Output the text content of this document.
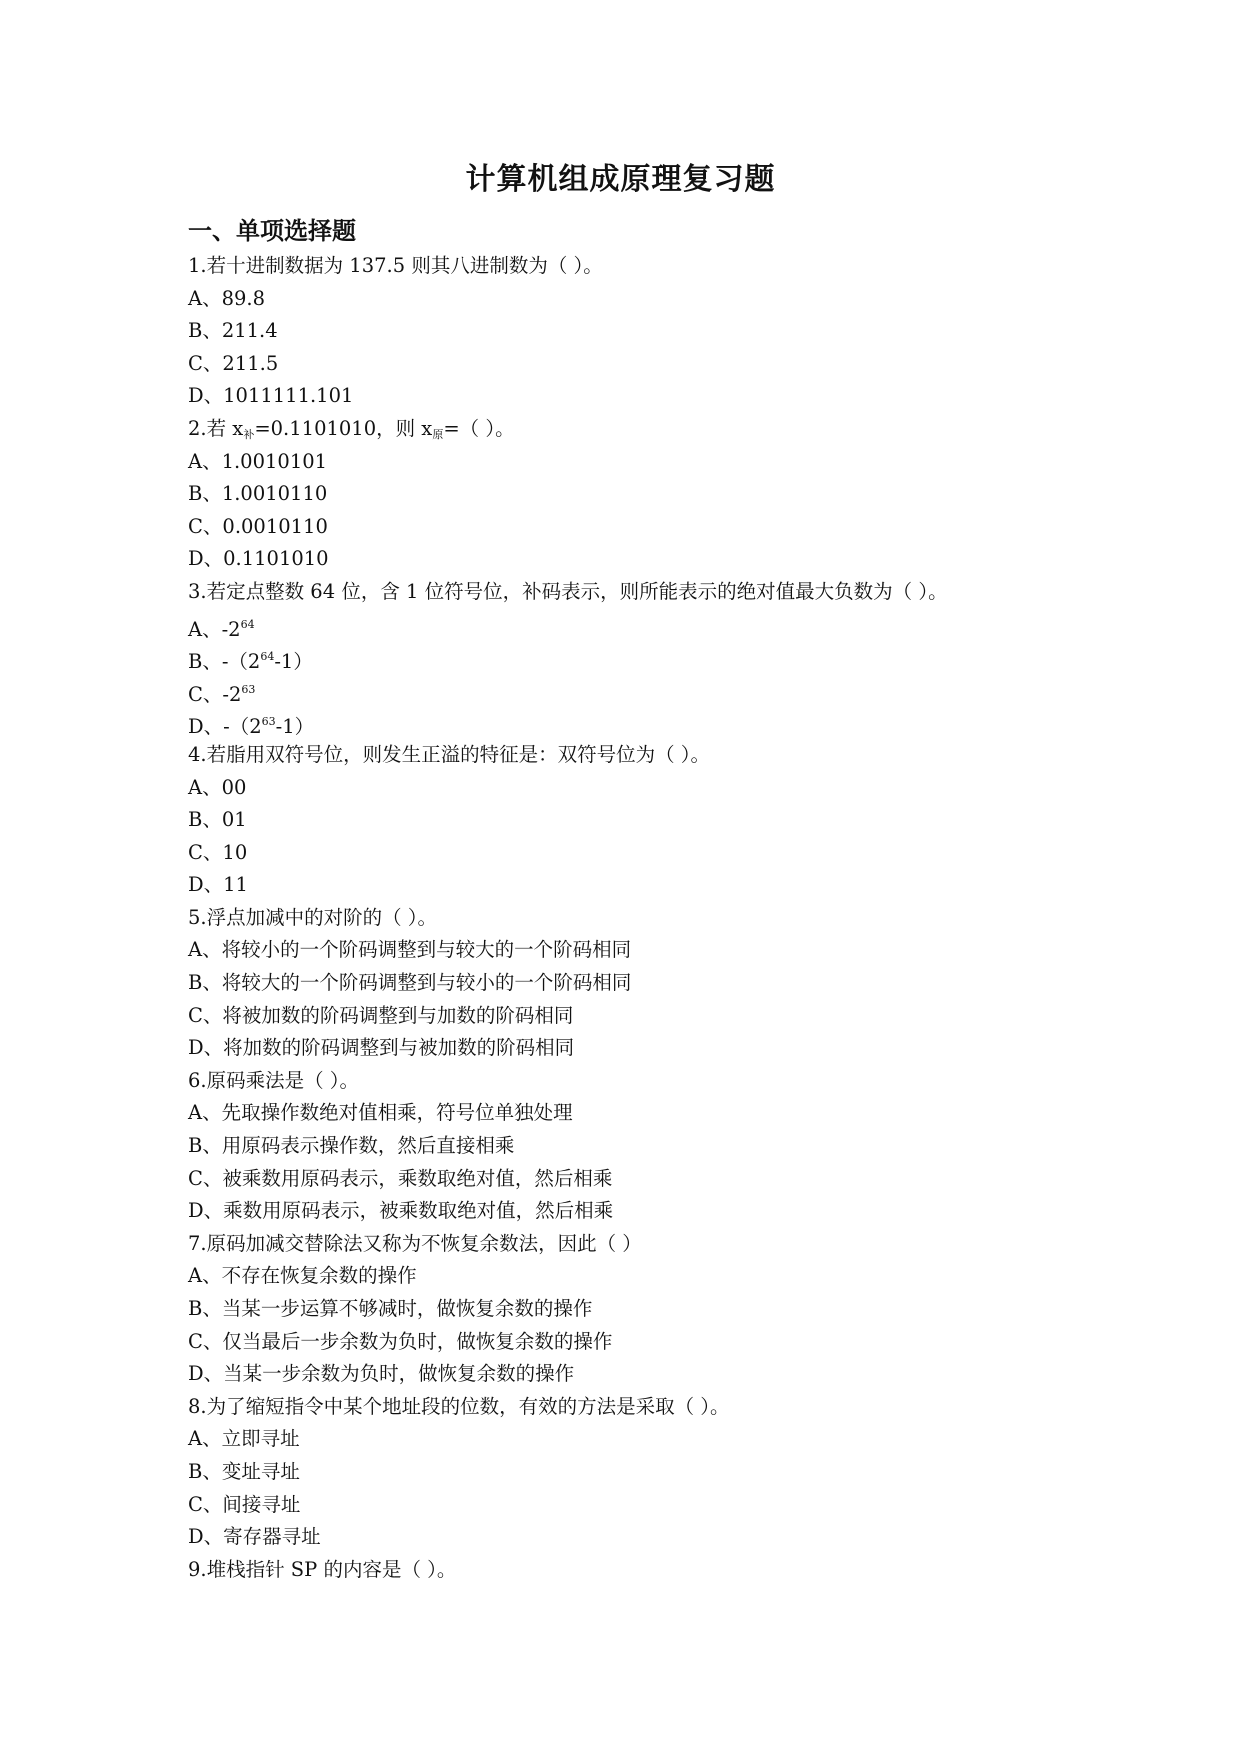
计算机组成原理复习题
一、单项选择题
1.若十进制数据为 137.5 则其八进制数为（ ）。
A、89.8
B、211.4
C、211.5
D、1011111.101
2.若 $x_补=0.1101010$，则 $x_原=$（ ）。
A、1.0010101
B、1.0010110
C、0.0010110
D、0.1101010
3.若定点整数 64 位，含 1 位符号位，补码表示，则所能表示的绝对值最大负数为（ ）。
A、$-2^{64}$
B、$-(2^{64}-1)$
C、$-2^{63}$
D、$-(2^{63}-1)$
4.若脂用双符号位，则发生正溢的特征是：双符号位为（ ）。
A、00
B、01
C、10
D、11
5.浮点加减中的对阶的（ ）。
A、将较小的一个阶码调整到与较大的一个阶码相同
B、将较大的一个阶码调整到与较小的一个阶码相同
C、将被加数的阶码调整到与加数的阶码相同
D、将加数的阶码调整到与被加数的阶码相同
6.原码乘法是（ ）。
A、先取操作数绝对值相乘，符号位单独处理
B、用原码表示操作数，然后直接相乘
C、被乘数用原码表示，乘数取绝对值，然后相乘
D、乘数用原码表示，被乘数取绝对值，然后相乘
7.原码加减交替除法又称为不恢复余数法，因此（ ）
A、不存在恢复余数的操作
B、当某一步运算不够减时，做恢复余数的操作
C、仅当最后一步余数为负时，做恢复余数的操作
D、当某一步余数为负时，做恢复余数的操作
8.为了缩短指令中某个地址段的位数，有效的方法是采取（ ）。
A、立即寻址
B、变址寻址
C、间接寻址
D、寄存器寻址
9.堆栈指针 SP 的内容是（ ）。
